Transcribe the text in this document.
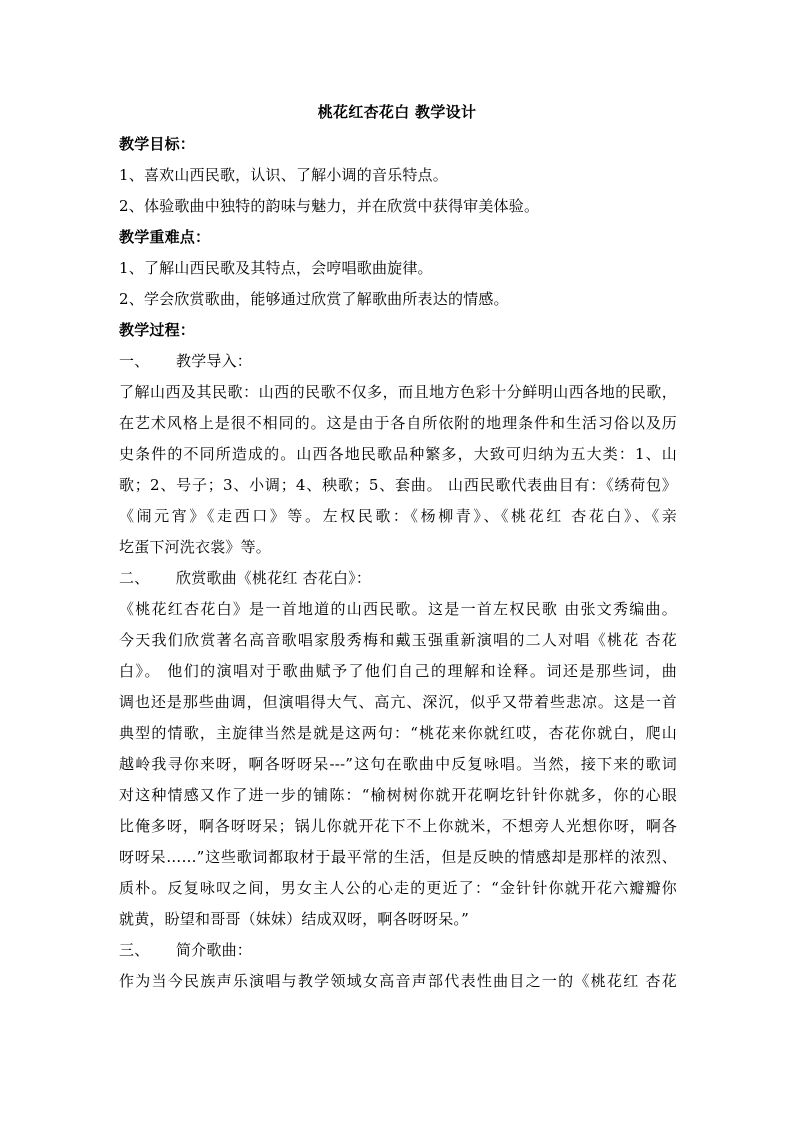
桃花红杏花白 教学设计
教学目标：
1、喜欢山西民歌，认识、了解小调的音乐特点。
2、体验歌曲中独特的韵味与魅力，并在欣赏中获得审美体验。
教学重难点：
1、了解山西民歌及其特点，会哼唱歌曲旋律。
2、学会欣赏歌曲，能够通过欣赏了解歌曲所表达的情感。
教学过程：
一、 教学导入：
了解山西及其民歌：山西的民歌不仅多，而且地方色彩十分鲜明山西各地的民歌，
在艺术风格上是很不相同的。这是由于各自所依附的地理条件和生活习俗以及历
史条件的不同所造成的。山西各地民歌品种繁多，大致可归纳为五大类：1、山
歌；2、号子；3、小调；4、秧歌；5、套曲。 山西民歌代表曲目有：《绣荷包》
《闹元宵》《走西口》等。左权民歌：《杨柳青》、《桃花红 杏花白》、《亲
圪蛋下河洗衣裳》等。
二、 欣赏歌曲《桃花红 杏花白》：
《桃花红杏花白》是一首地道的山西民歌。这是一首左权民歌 由张文秀编曲。
今天我们欣赏著名高音歌唱家殷秀梅和戴玉强重新演唱的二人对唱《桃花 杏花
白》。 他们的演唱对于歌曲赋予了他们自己的理解和诠释。词还是那些词，曲
调也还是那些曲调，但演唱得大气、高亢、深沉，似乎又带着些悲凉。这是一首
典型的情歌，主旋律当然是就是这两句：“桃花来你就红哎，杏花你就白，爬山
越岭我寻你来呀，啊各呀呀呆---”这句在歌曲中反复咏唱。当然，接下来的歌词
对这种情感又作了进一步的铺陈：“榆树树你就开花啊圪针针你就多，你的心眼
比俺多呀，啊各呀呀呆；锅儿你就开花下不上你就米，不想旁人光想你呀，啊各
呀呀呆……”这些歌词都取材于最平常的生活，但是反映的情感却是那样的浓烈、
质朴。反复咏叹之间，男女主人公的心走的更近了：“金针针你就开花六瓣瓣你
就黄，盼望和哥哥（妹妹）结成双呀，啊各呀呀呆。”
三、 简介歌曲：
作为当今民族声乐演唱与教学领域女高音声部代表性曲目之一的《桃花红 杏花
